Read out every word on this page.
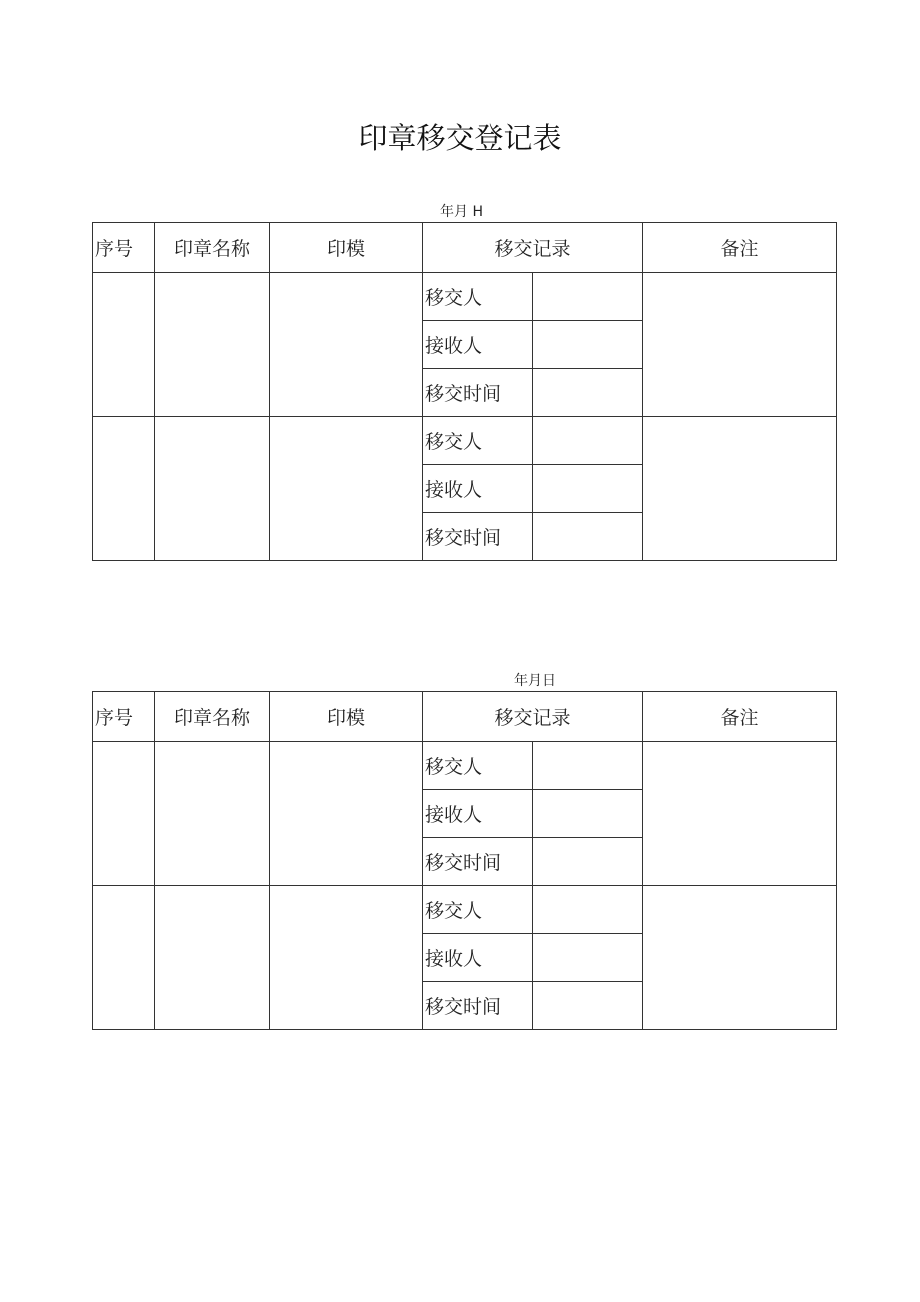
印章移交登记表
年月 H
序号	印章名称	印模	移交记录		备注
			移交人		
			接收人		
			移交时间		
			移交人		
			接收人		
			移交时间		
年月日
序号	印章名称	印模	移交记录		备注
			移交人		
			接收人		
			移交时间		
			移交人		
			接收人		
			移交时间		
